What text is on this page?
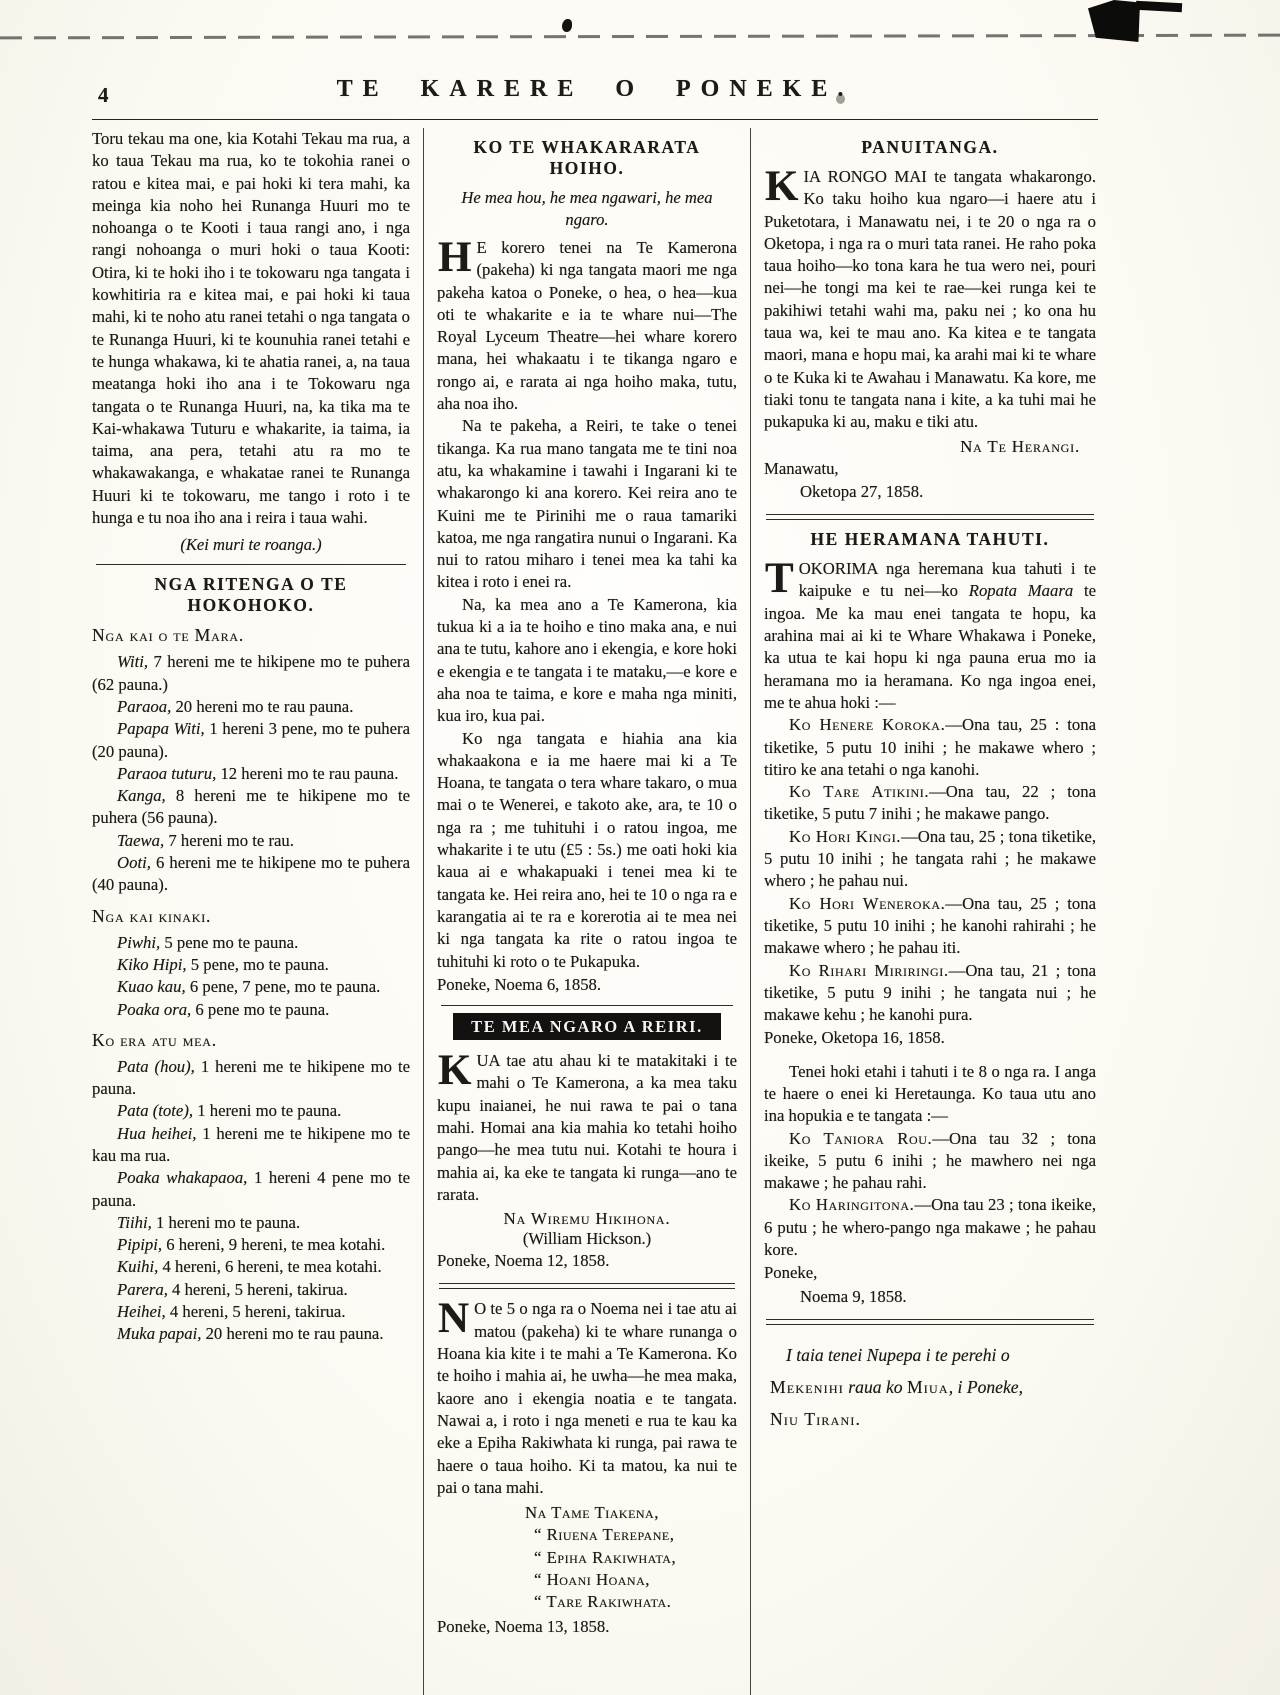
4	TE KARERE O PONEKE.

Toru tekau ma one, kia Kotahi Tekau ma rua, a ko taua Tekau ma rua, ko te tokohia ranei o ratou e kitea mai, e pai hoki ki tera mahi, ka meinga kia noho hei Runanga Huuri mo te nohoanga o te Kooti i taua rangi ano, i nga rangi nohoanga o muri hoki o taua Kooti: Otira, ki te hoki iho i te tokowaru nga tangata i kowhitiria ra e kitea mai, e pai hoki ki taua mahi, ki te noho atu ranei tetahi o nga tangata o te Runanga Huuri, ki te kounuhia ranei tetahi e te hunga whakawa, ki te ahatia ranei, a, na taua meatanga hoki iho ana i te Tokowaru nga tangata o te Runanga Huuri, na, ka tika ma te Kai-whakawa Tuturu e whakarite, ia taima, ia taima, ana pera, tetahi atu ra mo te whakawakanga, e whakatae ranei te Runanga Huuri ki te tokowaru, me tango i roto i te hunga e tu noa iho ana i reira i taua wahi.

(Kei muri te roanga.)
NGA RITENGA O TE HOKOHOKO.
Nga kai o te Mara.

Witi, 7 hereni me te hikipene mo te puhera (62 pauna.)

Paraoa, 20 hereni mo te rau pauna.

Papapa Witi, 1 hereni 3 pene, mo te puhera (20 pauna).

Paraoa tuturu, 12 hereni mo te rau pauna.

Kanga, 8 hereni me te hikipene mo te puhera (56 pauna).

Taewa, 7 hereni mo te rau.

Ooti, 6 hereni me te hikipene mo te puhera (40 pauna).

Nga kai kinaki.

Piwhi, 5 pene mo te pauna.

Kiko Hipi, 5 pene, mo te pauna.

Kuao kau, 6 pene, 7 pene, mo te pauna.

Poaka ora, 6 pene mo te pauna.

Ko era atu mea.

Pata (hou), 1 hereni me te hikipene mo te pauna.

Pata (tote), 1 hereni mo te pauna.

Hua heihei, 1 hereni me te hikipene mo te kau ma rua.

Poaka whakapaoa, 1 hereni 4 pene mo te pauna.

Tiihi, 1 hereni mo te pauna.

Pipipi, 6 hereni, 9 hereni, te mea kotahi.

Kuihi, 4 hereni, 6 hereni, te mea kotahi.

Parera, 4 hereni, 5 hereni, takirua.

Heihei, 4 hereni, 5 hereni, takirua.

Muka papai, 20 hereni mo te rau pauna.

KO TE WHAKARARATA HOIHO.
He mea hou, he mea ngawari, he mea ngaro.

H E korero tenei na Te Kamerona (pakeha) ki nga tangata maori me nga pakeha katoa o Poneke, o hea, o hea—kua oti te whakarite e ia te whare nui—The Royal Lyceum Theatre—hei whare korero mana, hei whakaatu i te tikanga ngaro e rongo ai, e rarata ai nga hoiho maka, tutu, aha noa iho.

Na te pakeha, a Reiri, te take o tenei tikanga. Ka rua mano tangata me te tini noa atu, ka whakamine i tawahi i Ingarani ki te whakarongo ki ana korero. Kei reira ano te Kuini me te Pirinihi me o raua tamariki katoa, me nga rangatira nunui o Ingarani. Ka nui to ratou miharo i tenei mea ka tahi ka kitea i roto i enei ra.

Na, ka mea ano a Te Kamerona, kia tukua ki a ia te hoiho e tino maka ana, e nui ana te tutu, kahore ano i ekengia, e kore hoki e ekengia e te tangata i te mataku,—e kore e aha noa te taima, e kore e maha nga miniti, kua iro, kua pai.

Ko nga tangata e hiahia ana kia whakaakona e ia me haere mai ki a Te Hoana, te tangata o tera whare takaro, o mua mai o te Wenerei, e takoto ake, ara, te 10 o nga ra ; me tuhituhi i o ratou ingoa, me whakarite i te utu (£5 : 5s.) me oati hoki kia kaua ai e whakapuaki i tenei mea ki te tangata ke. Hei reira ano, hei te 10 o nga ra e karangatia ai te ra e korerotia ai te mea nei ki nga tangata ka rite o ratou ingoa te tuhituhi ki roto o te Pukapuka.

Poneke, Noema 6, 1858.

TE MEA NGARO A REIRI.

KUA tae atu ahau ki te matakitaki i te mahi o Te Kamerona, a ka mea taku kupu inaianei, he nui rawa te pai o tana mahi. Homai ana kia mahia ko tetahi hoiho pango—he mea tutu nui. Kotahi te houra i mahia ai, ka eke te tangata ki runga—ano te rarata.

Na Wiremu Hikihona.
(William Hickson.)

Poneke, Noema 12, 1858.

N O te 5 o nga ra o Noema nei i tae atu ai matou (pakeha) ki te whare runanga o Hoana kia kite i te mahi a Te Kamerona. Ko te hoiho i mahia ai, he uwha—he mea maka, kaore ano i ekengia noatia e te tangata. Nawai a, i roto i nga meneti e rua te kau ka eke a Epiha Rakiwhata ki runga, pai rawa te haere o taua hoiho. Ki ta matou, ka nui te pai o tana mahi.

Na Tame Tiakena,
“ Riuena Terepane,
“ Epiha Rakiwhata,
“ Hoani Hoana,
“ Tare Rakiwhata.

Poneke, Noema 13, 1858.

PANUITANGA.

KIA RONGO MAI te tangata whakarongo. Ko taku hoiho kua ngaro—i haere atu i Puketotara, i Manawatu nei, i te 20 o nga ra o Oketopa, i nga ra o muri tata ranei. He raho poka taua hoiho—ko tona kara he tua wero nei, pouri nei—he tongi ma kei te rae—kei runga kei te pakihiwi tetahi wahi ma, paku nei ; ko ona hu taua wa, kei te mau ano. Ka kitea e te tangata maori, mana e hopu mai, ka arahi mai ki te whare o te Kuka ki te Awahau i Manawatu. Ka kore, me tiaki tonu te tangata nana i kite, a ka tuhi mai he pukapuka ki au, maku e tiki atu.

Na Te Herangi.

Manawatu,

Oketopa 27, 1858.

HE HERAMANA TAHUTI.

TOKORIMA nga heremana kua tahuti i te kaipuke e tu nei—ko Ropata Maara te ingoa. Me ka mau enei tangata te hopu, ka arahina mai ai ki te Whare Whakawa i Poneke, ka utua te kai hopu ki nga pauna erua mo ia heramana mo ia heramana. Ko nga ingoa enei, me te ahua hoki :—

Ko Henere Koroka.—Ona tau, 25 : tona tiketike, 5 putu 10 inihi ; he makawe whero ; titiro ke ana tetahi o nga kanohi.

Ko Tare Atikini.—Ona tau, 22 ; tona tiketike, 5 putu 7 inihi ; he makawe pango.

Ko Hori Kingi.—Ona tau, 25 ; tona tiketike, 5 putu 10 inihi ; he tangata rahi ; he makawe whero ; he pahau nui.

Ko Hori Weneroka.—Ona tau, 25 ; tona tiketike, 5 putu 10 inihi ; he kanohi rahirahi ; he makawe whero ; he pahau iti.

Ko Rihari Miriringi.—Ona tau, 21 ; tona tiketike, 5 putu 9 inihi ; he tangata nui ; he makawe kehu ; he kanohi pura.

Poneke, Oketopa 16, 1858.

Tenei hoki etahi i tahuti i te 8 o nga ra. I anga te haere o enei ki Heretaunga. Ko taua utu ano ina hopukia e te tangata :—

Ko Taniora Rou.—Ona tau 32 ; tona ikeike, 5 putu 6 inihi ; he mawhero nei nga makawe ; he pahau rahi.

Ko Haringitona.—Ona tau 23 ; tona ikeike, 6 putu ; he whero-pango nga makawe ; he pahau kore.

Poneke,

Noema 9, 1858.

I taia tenei Nupepa i te perehi o
Mekenihi raua ko Miua, i Poneke,
Niu Tirani.
